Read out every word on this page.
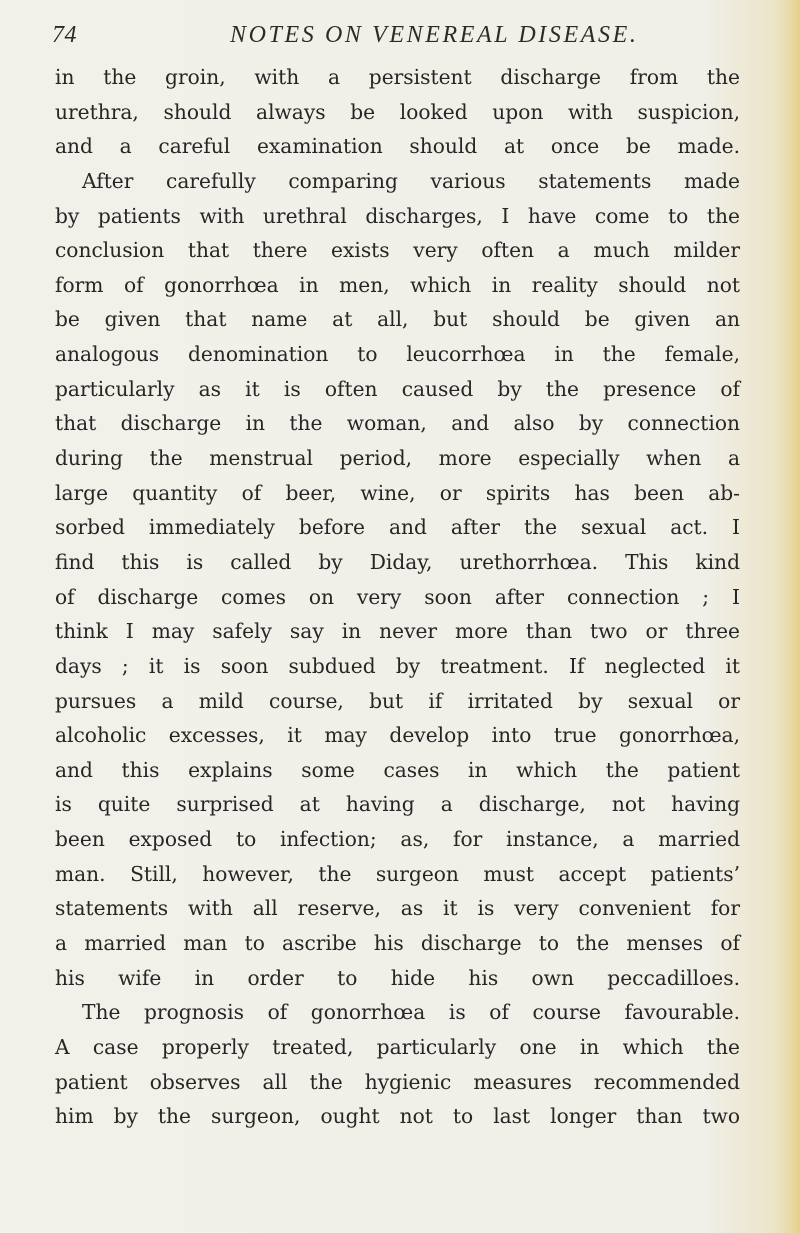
74	NOTES ON VENEREAL DISEASE.
in the groin, with a persistent discharge from the
urethra, should always be looked upon with suspicion,
and a careful examination should at once be made.
After carefully comparing various statements made
by patients with urethral discharges, I have come to the
conclusion that there exists very often a much milder
form of gonorrhœa in men, which in reality should not
be given that name at all, but should be given an
analogous denomination to leucorrhœa in the female,
particularly as it is often caused by the presence of
that discharge in the woman, and also by connection
during the menstrual period, more especially when a
large quantity of beer, wine, or spirits has been ab-
sorbed immediately before and after the sexual act. I
find this is called by Diday, urethorrhœa. This kind
of discharge comes on very soon after connection ; I
think I may safely say in never more than two or three
days ; it is soon subdued by treatment. If neglected it
pursues a mild course, but if irritated by sexual or
alcoholic excesses, it may develop into true gonorrhœa,
and this explains some cases in which the patient
is quite surprised at having a discharge, not having
been exposed to infection; as, for instance, a married
man. Still, however, the surgeon must accept patients’
statements with all reserve, as it is very convenient for
a married man to ascribe his discharge to the menses of
his wife in order to hide his own peccadilloes.
The prognosis of gonorrhœa is of course favourable.
A case properly treated, particularly one in which the
patient observes all the hygienic measures recommended
him by the surgeon, ought not to last longer than two
